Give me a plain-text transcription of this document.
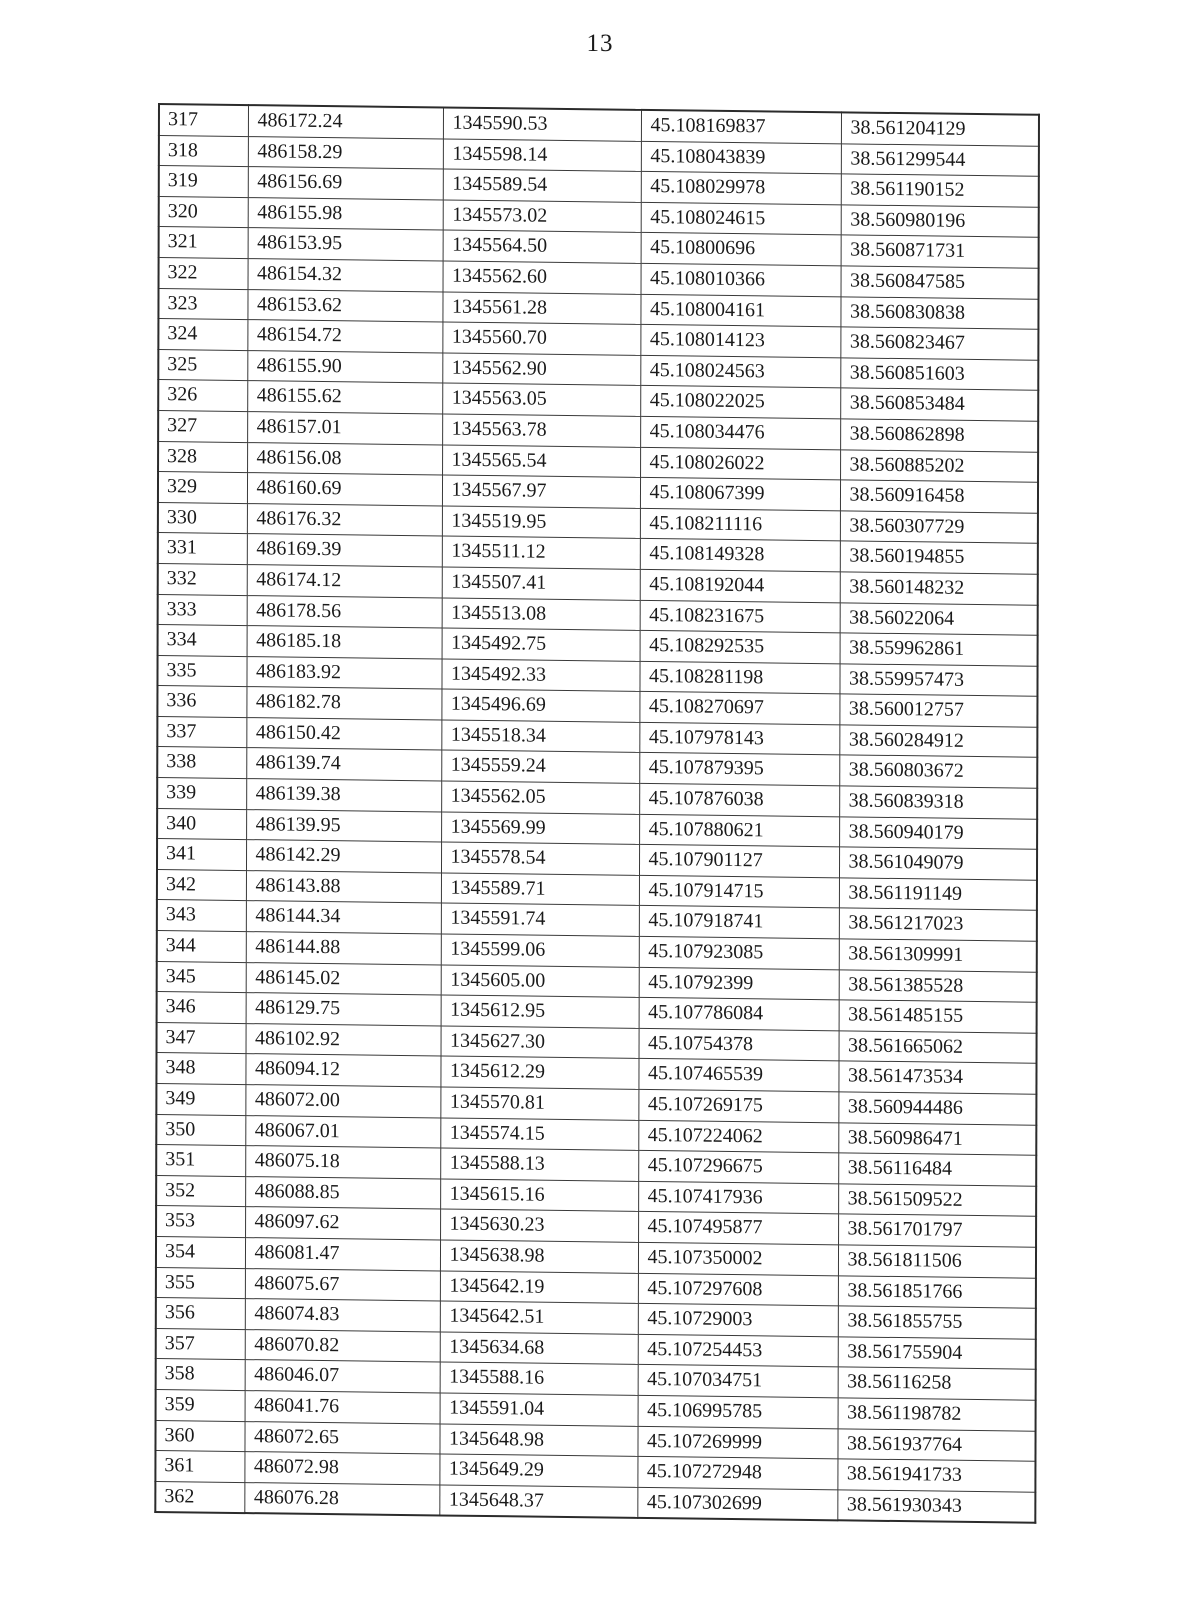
13
317	486172.24	1345590.53	45.108169837	38.561204129
318	486158.29	1345598.14	45.108043839	38.561299544
319	486156.69	1345589.54	45.108029978	38.561190152
320	486155.98	1345573.02	45.108024615	38.560980196
321	486153.95	1345564.50	45.10800696	38.560871731
322	486154.32	1345562.60	45.108010366	38.560847585
323	486153.62	1345561.28	45.108004161	38.560830838
324	486154.72	1345560.70	45.108014123	38.560823467
325	486155.90	1345562.90	45.108024563	38.560851603
326	486155.62	1345563.05	45.108022025	38.560853484
327	486157.01	1345563.78	45.108034476	38.560862898
328	486156.08	1345565.54	45.108026022	38.560885202
329	486160.69	1345567.97	45.108067399	38.560916458
330	486176.32	1345519.95	45.108211116	38.560307729
331	486169.39	1345511.12	45.108149328	38.560194855
332	486174.12	1345507.41	45.108192044	38.560148232
333	486178.56	1345513.08	45.108231675	38.56022064
334	486185.18	1345492.75	45.108292535	38.559962861
335	486183.92	1345492.33	45.108281198	38.559957473
336	486182.78	1345496.69	45.108270697	38.560012757
337	486150.42	1345518.34	45.107978143	38.560284912
338	486139.74	1345559.24	45.107879395	38.560803672
339	486139.38	1345562.05	45.107876038	38.560839318
340	486139.95	1345569.99	45.107880621	38.560940179
341	486142.29	1345578.54	45.107901127	38.561049079
342	486143.88	1345589.71	45.107914715	38.561191149
343	486144.34	1345591.74	45.107918741	38.561217023
344	486144.88	1345599.06	45.107923085	38.561309991
345	486145.02	1345605.00	45.10792399	38.561385528
346	486129.75	1345612.95	45.107786084	38.561485155
347	486102.92	1345627.30	45.10754378	38.561665062
348	486094.12	1345612.29	45.107465539	38.561473534
349	486072.00	1345570.81	45.107269175	38.560944486
350	486067.01	1345574.15	45.107224062	38.560986471
351	486075.18	1345588.13	45.107296675	38.56116484
352	486088.85	1345615.16	45.107417936	38.561509522
353	486097.62	1345630.23	45.107495877	38.561701797
354	486081.47	1345638.98	45.107350002	38.561811506
355	486075.67	1345642.19	45.107297608	38.561851766
356	486074.83	1345642.51	45.10729003	38.561855755
357	486070.82	1345634.68	45.107254453	38.561755904
358	486046.07	1345588.16	45.107034751	38.56116258
359	486041.76	1345591.04	45.106995785	38.561198782
360	486072.65	1345648.98	45.107269999	38.561937764
361	486072.98	1345649.29	45.107272948	38.561941733
362	486076.28	1345648.37	45.107302699	38.561930343
